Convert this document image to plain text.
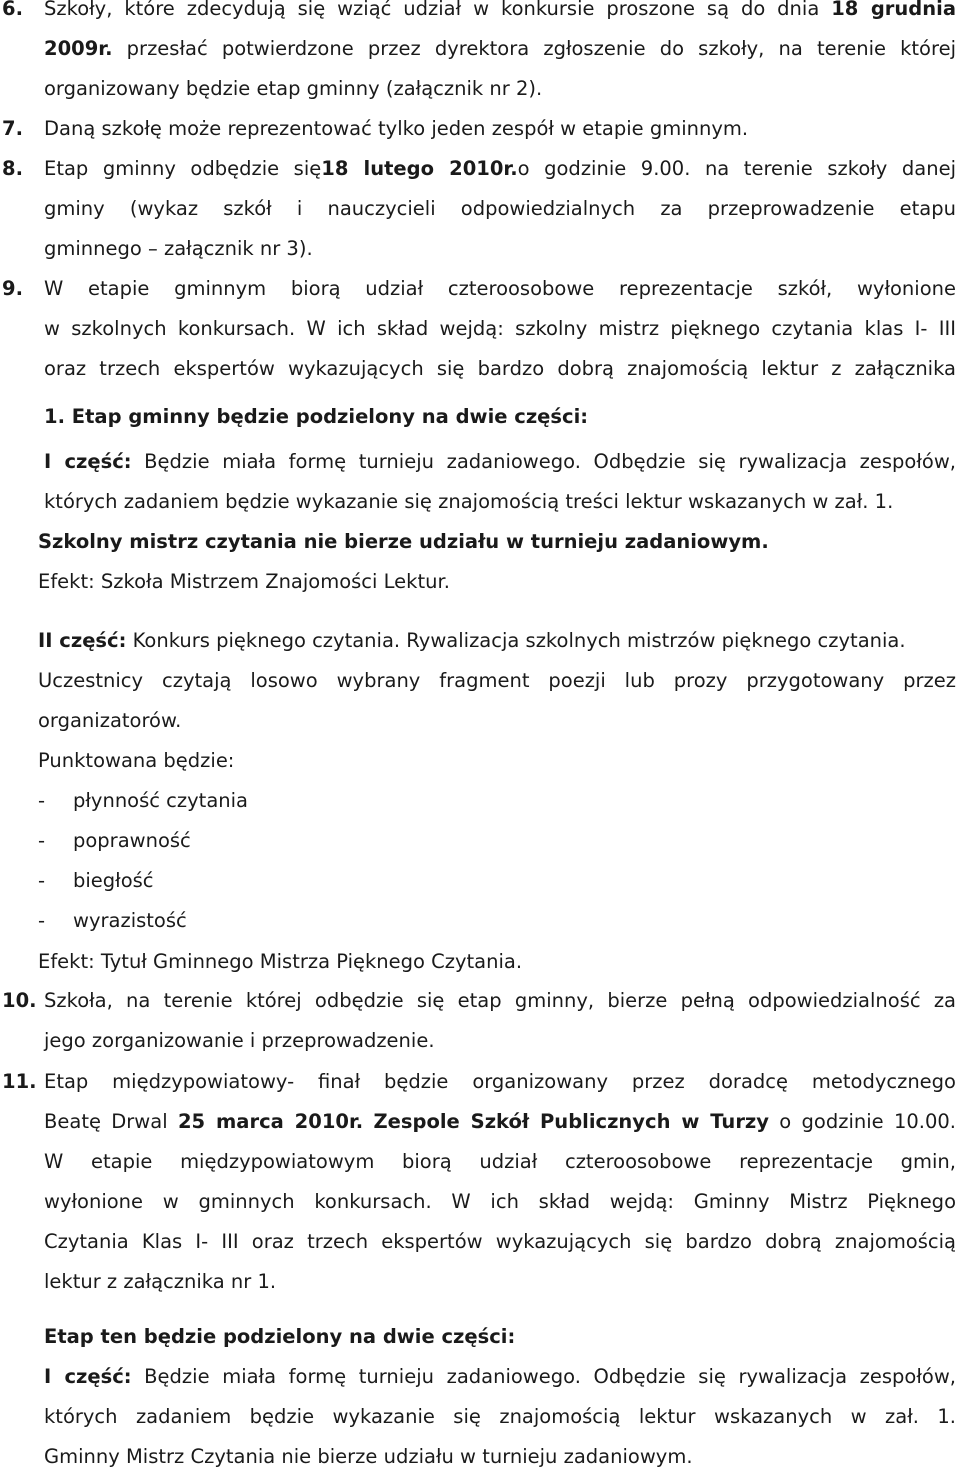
6.	Szkoły, które zdecydują się wziąć udział w konkursie proszone są do dnia 18 grudnia
2009r. przesłać potwierdzone przez dyrektora zgłoszenie do szkoły, na terenie której
organizowany będzie etap gminny (załącznik nr 2).
7.	Daną szkołę może reprezentować tylko jeden zespół w etapie gminnym.
8.	Etap gminny odbędzie się18 lutego 2010r.o godzinie 9.00. na terenie szkoły danej
gminy (wykaz szkół i nauczycieli odpowiedzialnych za przeprowadzenie etapu
gminnego – załącznik nr 3).
9.	W etapie gminnym biorą udział czteroosobowe reprezentacje szkół, wyłonione
w szkolnych konkursach. W ich skład wejdą: szkolny mistrz pięknego czytania klas I- III
oraz trzech ekspertów wykazujących się bardzo dobrą znajomością lektur z załącznika
1. Etap gminny będzie podzielony na dwie części:
I część: Będzie miała formę turnieju zadaniowego. Odbędzie się rywalizacja zespołów,
których zadaniem będzie wykazanie się znajomością treści lektur wskazanych w zał. 1.
Szkolny mistrz czytania nie bierze udziału w turnieju zadaniowym.
Efekt: Szkoła Mistrzem Znajomości Lektur.
II część: Konkurs pięknego czytania. Rywalizacja szkolnych mistrzów pięknego czytania.
Uczestnicy czytają losowo wybrany fragment poezji lub prozy przygotowany przez
organizatorów.
Punktowana będzie:
-	płynność czytania
-	poprawność
-	biegłość
-	wyrazistość
Efekt: Tytuł Gminnego Mistrza Pięknego Czytania.
10. Szkoła, na terenie której odbędzie się etap gminny, bierze pełną odpowiedzialność za
jego zorganizowanie i przeprowadzenie.
11. Etap międzypowiatowy- finał będzie organizowany przez doradcę metodycznego
Beatę Drwal 25 marca 2010r. Zespole Szkół Publicznych w Turzy o godzinie 10.00.
W etapie międzypowiatowym biorą udział czteroosobowe reprezentacje gmin,
wyłonione w gminnych konkursach. W ich skład wejdą: Gminny Mistrz Pięknego
Czytania Klas I- III oraz trzech ekspertów wykazujących się bardzo dobrą znajomością
lektur z załącznika nr 1.
Etap ten będzie podzielony na dwie części:
I część: Będzie miała formę turnieju zadaniowego. Odbędzie się rywalizacja zespołów,
których zadaniem będzie wykazanie się znajomością lektur wskazanych w zał. 1.
Gminny Mistrz Czytania nie bierze udziału w turnieju zadaniowym.
